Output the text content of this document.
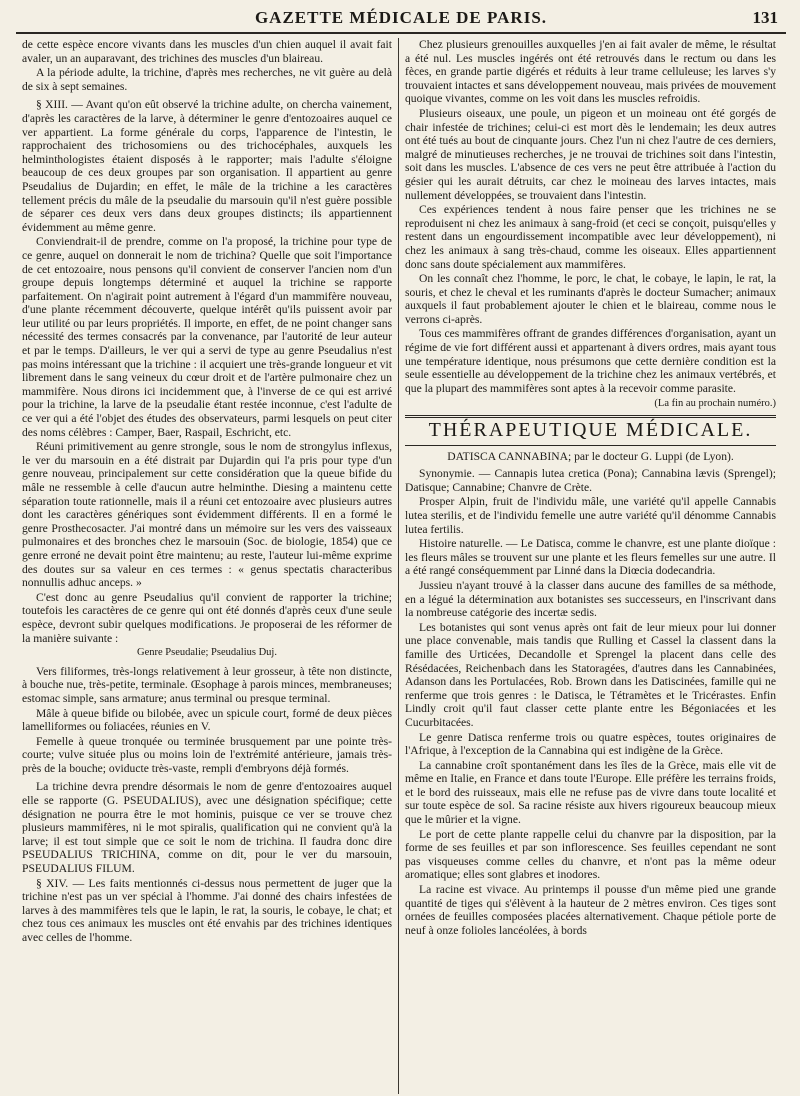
GAZETTE MÉDICALE DE PARIS.	131

de cette espèce encore vivants dans les muscles d'un chien auquel il avait fait avaler, un an auparavant, des trichines des muscles d'un blaireau.

A la période adulte, la trichine, d'après mes recherches, ne vit guère au delà de six à sept semaines.

§ XIII. — Avant qu'on eût observé la trichine adulte, on chercha vainement, d'après les caractères de la larve, à déterminer le genre d'entozoaires auquel ce ver appartient. La forme générale du corps, l'apparence de l'intestin, le rapprochaient des trichosomiens ou des trichocéphales, auxquels les helminthologistes étaient disposés à le rapporter; mais l'adulte s'éloigne beaucoup de ces deux groupes par son organisation. Il appartient au genre Pseudalius de Dujardin; en effet, le mâle de la trichine a les caractères tellement précis du mâle de la pseudalie du marsouin qu'il n'est guère possible de séparer ces deux vers dans deux groupes distincts; ils appartiennent évidemment au même genre.

Conviendrait-il de prendre, comme on l'a proposé, la trichine pour type de ce genre, auquel on donnerait le nom de trichina? Quelle que soit l'importance de cet entozoaire, nous pensons qu'il convient de conserver l'ancien nom d'un groupe depuis longtemps déterminé et auquel la trichine se rapporte parfaitement. On n'agirait point autrement à l'égard d'un mammifère nouveau, d'une plante récemment découverte, quelque intérêt qu'ils puissent avoir par leur utilité ou par leurs propriétés. Il importe, en effet, de ne point changer sans nécessité des termes consacrés par la convenance, par l'autorité de leur auteur et par le temps. D'ailleurs, le ver qui a servi de type au genre Pseudalius n'est pas moins intéressant que la trichine : il acquiert une très-grande longueur et vit librement dans le sang veineux du cœur droit et de l'artère pulmonaire chez un mammifère. Nous dirons ici incidemment que, à l'inverse de ce qui est arrivé pour la trichine, la larve de la pseudalie étant restée inconnue, c'est l'adulte de ce ver qui a été l'objet des études des observateurs, parmi lesquels on peut citer des noms célèbres : Camper, Baer, Raspail, Eschricht, etc.

Réuni primitivement au genre strongle, sous le nom de strongylus inflexus, le ver du marsouin en a été distrait par Dujardin qui l'a pris pour type d'un genre nouveau, principalement sur cette considération que la queue bifide du mâle ne ressemble à celle d'aucun autre helminthe. Diesing a maintenu cette séparation toute rationnelle, mais il a réuni cet entozoaire avec plusieurs autres dont les caractères génériques sont évidemment différents. Il en a formé le genre Prosthecosacter. J'ai montré dans un mémoire sur les vers des vaisseaux pulmonaires et des bronches chez le marsouin (Soc. de biologie, 1854) que ce genre erroné ne devait point être maintenu; au reste, l'auteur lui-même exprime des doutes sur sa valeur en ces termes : « genus spectatis characteribus nonnullis adhuc anceps. »

C'est donc au genre Pseudalius qu'il convient de rapporter la trichine; toutefois les caractères de ce genre qui ont été donnés d'après ceux d'une seule espèce, devront subir quelques modifications. Je proposerai de les réformer de la manière suivante :

Genre Pseudalie; Pseudalius Duj.

Vers filiformes, très-longs relativement à leur grosseur, à tête non distincte, à bouche nue, très-petite, terminale. Œsophage à parois minces, membraneuses; estomac simple, sans armature; anus terminal ou presque terminal.

Mâle à queue bifide ou bilobée, avec un spicule court, formé de deux pièces lamelliformes ou foliacées, réunies en V.

Femelle à queue tronquée ou terminée brusquement par une pointe très-courte; vulve située plus ou moins loin de l'extrémité antérieure, jamais très-près de la bouche; oviducte très-vaste, rempli d'embryons déjà formés.

La trichine devra prendre désormais le nom de genre d'entozoaires auquel elle se rapporte (G. PSEUDALIUS), avec une désignation spécifique; cette désignation ne pourra être le mot hominis, puisque ce ver se trouve chez plusieurs mammifères, ni le mot spiralis, qualification qui ne convient qu'à la larve; il est tout simple que ce soit le nom de trichina. Il faudra donc dire PSEUDALIUS TRICHINA, comme on dit, pour le ver du marsouin, PSEUDALIUS FILUM.

§ XIV. — Les faits mentionnés ci-dessus nous permettent de juger que la trichine n'est pas un ver spécial à l'homme. J'ai donné des chairs infestées de larves à des mammifères tels que le lapin, le rat, la souris, le cobaye, le chat; et chez tous ces animaux les muscles ont été envahis par des trichines identiques avec celles de l'homme.

Chez plusieurs grenouilles auxquelles j'en ai fait avaler de même, le résultat a été nul. Les muscles ingérés ont été retrouvés dans le rectum ou dans les fèces, en grande partie digérés et réduits à leur trame celluleuse; les larves s'y trouvaient intactes et sans développement nouveau, mais privées de mouvement quoique vivantes, comme on les voit dans les muscles refroidis.

Plusieurs oiseaux, une poule, un pigeon et un moineau ont été gorgés de chair infestée de trichines; celui-ci est mort dès le lendemain; les deux autres ont été tués au bout de cinquante jours. Chez l'un ni chez l'autre de ces derniers, malgré de minutieuses recherches, je ne trouvai de trichines soit dans l'intestin, soit dans les muscles. L'absence de ces vers ne peut être attribuée à l'action du gésier qui les aurait détruits, car chez le moineau des larves intactes, mais nullement développées, se trouvaient dans l'intestin.

Ces expériences tendent à nous faire penser que les trichines ne se reproduisent ni chez les animaux à sang-froid (et ceci se conçoit, puisqu'elles y restent dans un engourdissement incompatible avec leur développement), ni chez les animaux à sang très-chaud, comme les oiseaux. Elles appartiennent donc sans doute spécialement aux mammifères.

On les connaît chez l'homme, le porc, le chat, le cobaye, le lapin, le rat, la souris, et chez le cheval et les ruminants d'après le docteur Sumacher; animaux auxquels il faut probablement ajouter le chien et le blaireau, comme nous le verrons ci-après.

Tous ces mammifères offrant de grandes différences d'organisation, ayant un régime de vie fort différent aussi et appartenant à divers ordres, mais ayant tous une température identique, nous présumons que cette dernière condition est la seule essentielle au développement de la trichine chez les animaux vertébrés, et que la plupart des mammifères sont aptes à la recevoir comme parasite.

(La fin au prochain numéro.)

THÉRAPEUTIQUE MÉDICALE.

DATISCA CANNABINA; par le docteur G. Luppi (de Lyon).

Synonymie. — Cannapis lutea cretica (Pona); Cannabina lævis (Sprengel); Datisque; Cannabine; Chanvre de Crète.

Prosper Alpin, fruit de l'individu mâle, une variété qu'il appelle Cannabis lutea sterilis, et de l'individu femelle une autre variété qu'il dénomme Cannabis lutea fertilis.

Histoire naturelle. — Le Datisca, comme le chanvre, est une plante dioïque : les fleurs mâles se trouvent sur une plante et les fleurs femelles sur une autre. Il a été rangé conséquemment par Linné dans la Diœcia dodecandria.

Jussieu n'ayant trouvé à la classer dans aucune des familles de sa méthode, en a légué la détermination aux botanistes ses successeurs, en l'inscrivant dans la nombreuse catégorie des incertæ sedis.

Les botanistes qui sont venus après ont fait de leur mieux pour lui donner une place convenable, mais tandis que Rulling et Cassel la classent dans la famille des Urticées, Decandolle et Sprengel la placent dans celle des Résédacées, Reichenbach dans les Statoragées, d'autres dans les Cannabinées, Adanson dans les Portulacées, Rob. Brown dans les Datiscinées, famille qui ne renferme que trois genres : le Datisca, le Tétramètes et le Tricérastes. Enfin Lindly croit qu'il faut classer cette plante entre les Bégoniacées et les Cucurbitacées.

Le genre Datisca renferme trois ou quatre espèces, toutes originaires de l'Afrique, à l'exception de la Cannabina qui est indigène de la Grèce.

La cannabine croît spontanément dans les îles de la Grèce, mais elle vit de même en Italie, en France et dans toute l'Europe. Elle préfère les terrains froids, et le bord des ruisseaux, mais elle ne refuse pas de vivre dans toute localité et sur toute espèce de sol. Sa racine résiste aux hivers rigoureux beaucoup mieux que le mûrier et la vigne.

Le port de cette plante rappelle celui du chanvre par la disposition, par la forme de ses feuilles et par son inflorescence. Ses feuilles cependant ne sont pas visqueuses comme celles du chanvre, et n'ont pas la même odeur aromatique; elles sont glabres et inodores.

La racine est vivace. Au printemps il pousse d'un même pied une grande quantité de tiges qui s'élèvent à la hauteur de 2 mètres environ. Ces tiges sont ornées de feuilles composées placées alternativement. Chaque pétiole porte de neuf à onze folioles lancéolées, à bords
